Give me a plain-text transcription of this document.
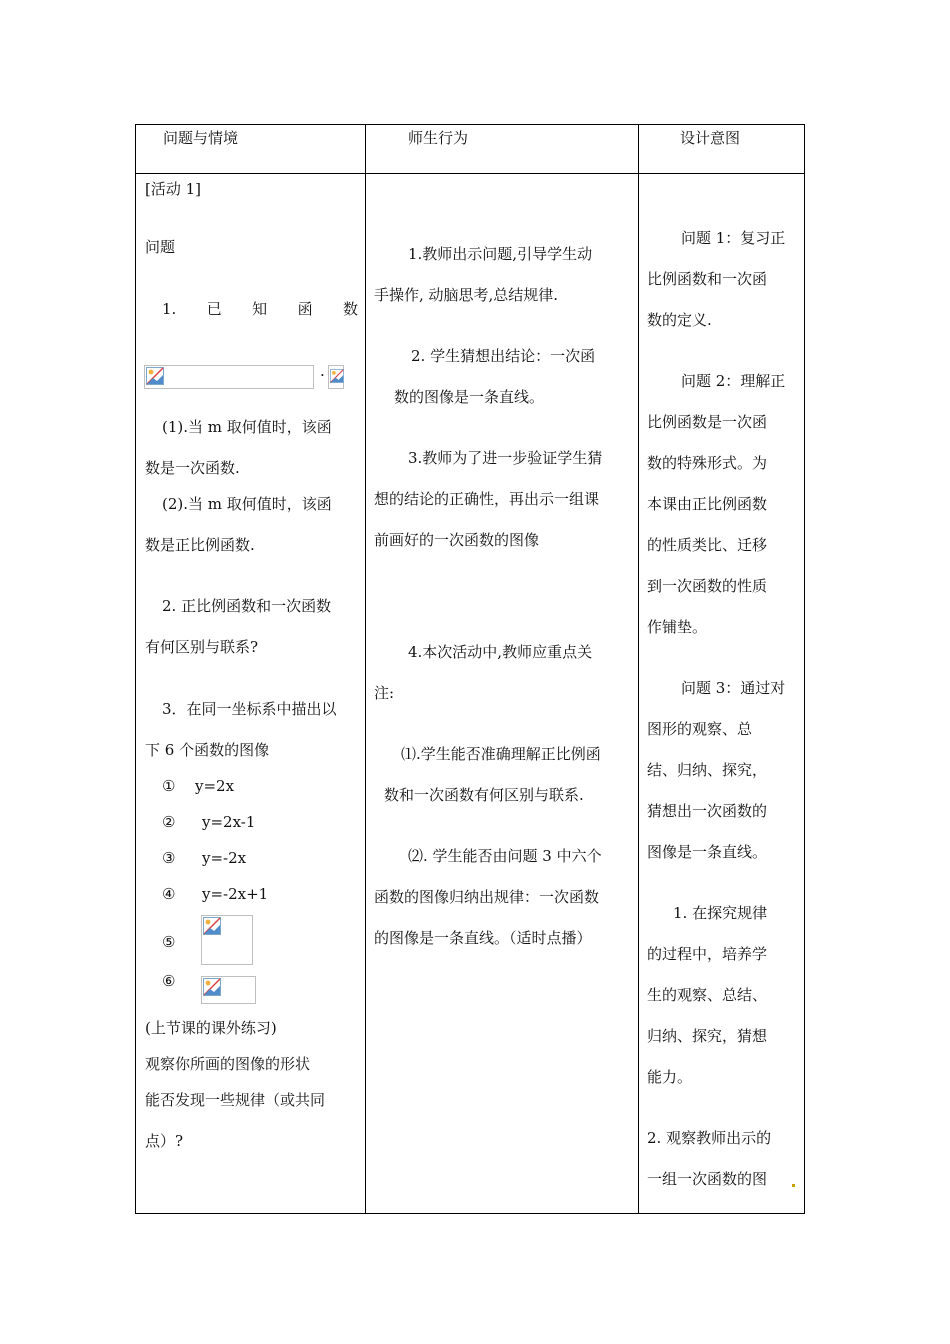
问题与情境	师生行为	设计意图
[活动 1]
问题
1. 已 知 函 数
·
(1).当 m 取何值时，该函
数是一次函数.
(2).当 m 取何值时，该函
数是正比例函数.
2. 正比例函数和一次函数
有何区别与联系?
3．在同一坐标系中描出以
下 6 个函数的图像
① y=2x
② y=2x-1
③ y=-2x
④ y=-2x+1
⑤
⑥
(上节课的课外练习)
观察你所画的图像的形状
能否发现一些规律（或共同
点）?
1.教师出示问题,引导学生动
手操作, 动脑思考,总结规律.
2. 学生猜想出结论：一次函
数的图像是一条直线。
3.教师为了进一步验证学生猜
想的结论的正确性，再出示一组课
前画好的一次函数的图像
4.本次活动中,教师应重点关
注:
⑴.学生能否准确理解正比例函
数和一次函数有何区别与联系.
⑵. 学生能否由问题 3 中六个
函数的图像归纳出规律：一次函数
的图像是一条直线。（适时点播）
问题 1：复习正
比例函数和一次函
数的定义.
问题 2：理解正
比例函数是一次函
数的特殊形式。为
本课由正比例函数
的性质类比、迁移
到一次函数的性质
作铺垫。
问题 3：通过对
图形的观察、总
结、归纳、探究，
猜想出一次函数的
图像是一条直线。
1. 在探究规律
的过程中，培养学
生的观察、总结、
归纳、探究，猜想
能力。
2. 观察教师出示的
一组一次函数的图
